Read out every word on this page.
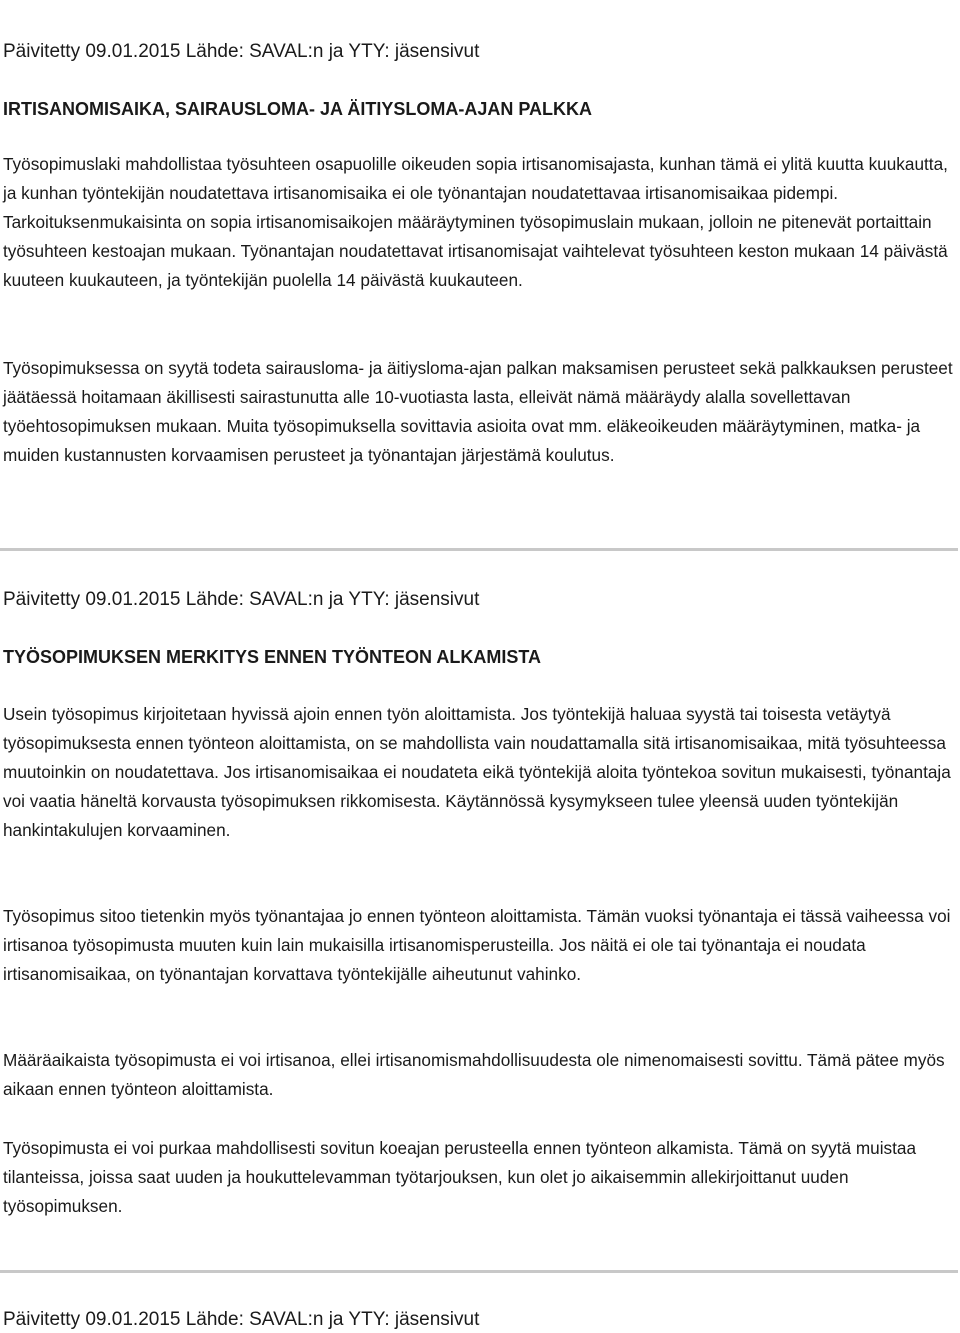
Päivitetty 09.01.2015 Lähde: SAVAL:n ja YTY: jäsensivut
IRTISANOMISAIKA, SAIRAUSLOMA- JA ÄITIYSLOMA-AJAN PALKKA

Työsopimuslaki mahdollistaa työsuhteen osapuolille oikeuden sopia irtisanomisajasta, kunhan tämä ei ylitä kuutta kuukautta, ja kunhan työntekijän noudatettava irtisanomisaika ei ole työnantajan noudatettavaa irtisanomisaikaa pidempi. Tarkoituksenmukaisinta on sopia irtisanomisaikojen määräytyminen työsopimuslain mukaan, jolloin ne pitenevät portaittain työsuhteen kestoajan mukaan. Työnantajan noudatettavat irtisanomisajat vaihtelevat työsuhteen keston mukaan 14 päivästä kuuteen kuukauteen, ja työntekijän puolella 14 päivästä kuukauteen.

Työsopimuksessa on syytä todeta sairausloma- ja äitiysloma-ajan palkan maksamisen perusteet sekä palkkauksen perusteet jäätäessä hoitamaan äkillisesti sairastunutta alle 10-vuotiasta lasta, elleivät nämä määräydy alalla sovellettavan työehtosopimuksen mukaan. Muita työsopimuksella sovittavia asioita ovat mm. eläkeoikeuden määräytyminen, matka- ja muiden kustannusten korvaamisen perusteet ja työnantajan järjestämä koulutus.

Päivitetty 09.01.2015 Lähde: SAVAL:n ja YTY: jäsensivut
TYÖSOPIMUKSEN MERKITYS ENNEN TYÖNTEON ALKAMISTA

Usein työsopimus kirjoitetaan hyvissä ajoin ennen työn aloittamista. Jos työntekijä haluaa syystä tai toisesta vetäytyä työsopimuksesta ennen työnteon aloittamista, on se mahdollista vain noudattamalla sitä irtisanomisaikaa, mitä työsuhteessa muutoinkin on noudatettava. Jos irtisanomisaikaa ei noudateta eikä työntekijä aloita työntekoa sovitun mukaisesti, työnantaja voi vaatia häneltä korvausta työsopimuksen rikkomisesta. Käytännössä kysymykseen tulee yleensä uuden työntekijän hankintakulujen korvaaminen.

Työsopimus sitoo tietenkin myös työnantajaa jo ennen työnteon aloittamista. Tämän vuoksi työnantaja ei tässä vaiheessa voi irtisanoa työsopimusta muuten kuin lain mukaisilla irtisanomisperusteilla. Jos näitä ei ole tai työnantaja ei noudata irtisanomisaikaa, on työnantajan korvattava työntekijälle aiheutunut vahinko.

Määräaikaista työsopimusta ei voi irtisanoa, ellei irtisanomismahdollisuudesta ole nimenomaisesti sovittu. Tämä pätee myös aikaan ennen työnteon aloittamista.

Työsopimusta ei voi purkaa mahdollisesti sovitun koeajan perusteella ennen työnteon alkamista. Tämä on syytä muistaa tilanteissa, joissa saat uuden ja houkuttelevamman työtarjouksen, kun olet jo aikaisemmin allekirjoittanut uuden työsopimuksen.

Päivitetty 09.01.2015 Lähde: SAVAL:n ja YTY: jäsensivut
